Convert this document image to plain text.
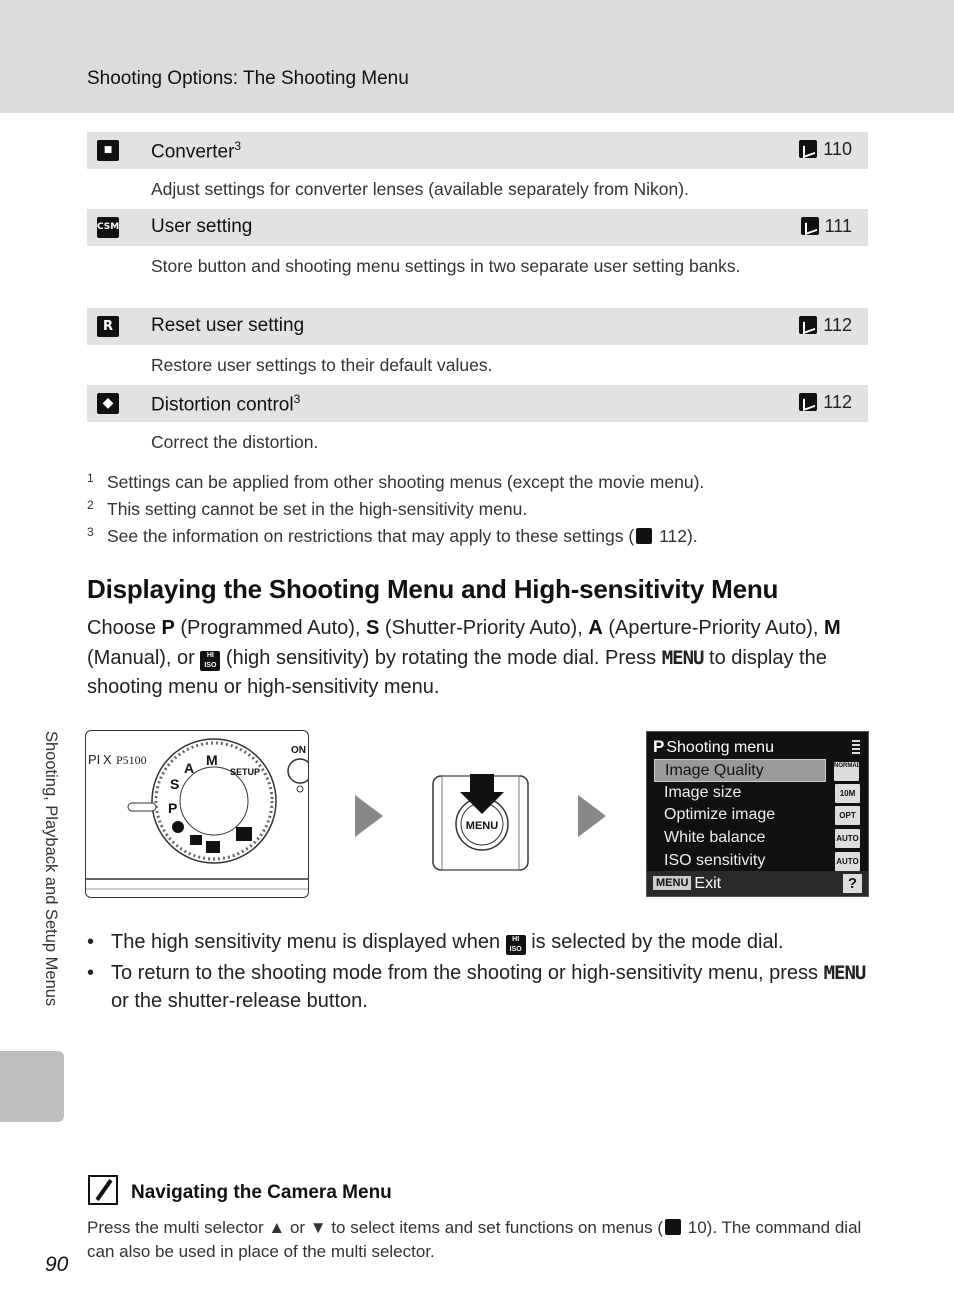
Shooting Options: The Shooting Menu
■	Converter$^3$	110
Adjust settings for converter lenses (available separately from Nikon).
CSM User setting	111
Store button and shooting menu settings in two separate user setting banks.
R	Reset user setting	112
Restore user settings to their default values.
◆ Distortion control$^3$	112
Correct the distortion.
1 Settings can be applied from other shooting menus (except the movie menu).
2 This setting cannot be set in the high-sensitivity menu.
3 See the information on restrictions that may apply to these settings ( 112).
Displaying the Shooting Menu and High-sensitivity Menu
Choose P (Programmed Auto), S (Shutter-Priority Auto), A (Aperture-Priority Auto), M (Manual), or HI
ISO (high sensitivity) by rotating the mode dial. Press MENU to display the shooting menu or high-sensitivity menu.
PI X P5100
P
S
A M
SETUP
ON
MENU
P Shooting menu
Image Quality	NORMAL
Image size	10M
Optimize image	OPT
White balance	AUTO
ISO sensitivity	AUTO
MENU Exit	?
• The high sensitivity menu is displayed when HI
ISO is selected by the mode dial.
• To return to the shooting mode from the shooting or high-sensitivity menu, press MENU or the shutter-release button.
Shooting, Playback and Setup Menus
Navigating the Camera Menu
Press the multi selector ▲ or ▼ to select items and set functions on menus ( 10). The command dial can also be used in place of the multi selector.
90
